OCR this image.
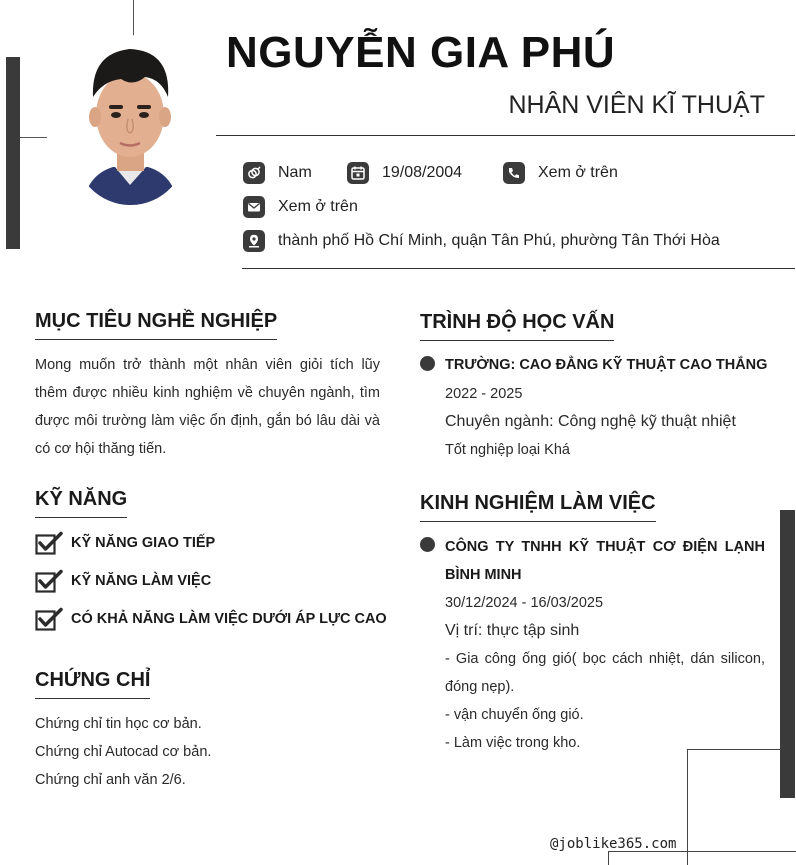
NGUYỄN GIA PHÚ
NHÂN VIÊN KĨ THUẬT
Nam	19/08/2004	Xem ở trên
Xem ở trên
thành phố Hồ Chí Minh, quận Tân Phú, phường Tân Thới Hòa
MỤC TIÊU NGHỀ NGHIỆP
Mong muốn trở thành một nhân viên giỏi tích lũy thêm được nhiều kinh nghiệm về chuyên ngành, tìm được môi trường làm việc ổn định, gắn bó lâu dài và có cơ hội thăng tiến.
KỸ NĂNG
KỸ NĂNG GIAO TIẾP
KỸ NĂNG LÀM VIỆC
CÓ KHẢ NĂNG LÀM VIỆC DƯỚI ÁP LỰC CAO
CHỨNG CHỈ
Chứng chỉ tin học cơ bản.
Chứng chỉ Autocad cơ bản.
Chứng chỉ anh văn 2/6.
TRÌNH ĐỘ HỌC VẤN
TRƯỜNG: CAO ĐẲNG KỸ THUẬT CAO THẮNG
2022 - 2025
Chuyên ngành: Công nghệ kỹ thuật nhiệt
Tốt nghiệp loại Khá
KINH NGHIỆM LÀM VIỆC
CÔNG TY TNHH KỸ THUẬT CƠ ĐIỆN LẠNH BÌNH MINH
30/12/2024 - 16/03/2025
Vị trí: thực tập sinh
- Gia công ống gió( bọc cách nhiệt, dán silicon, đóng nẹp).
- vận chuyển ống gió.
- Làm việc trong kho.
@joblike365.com
